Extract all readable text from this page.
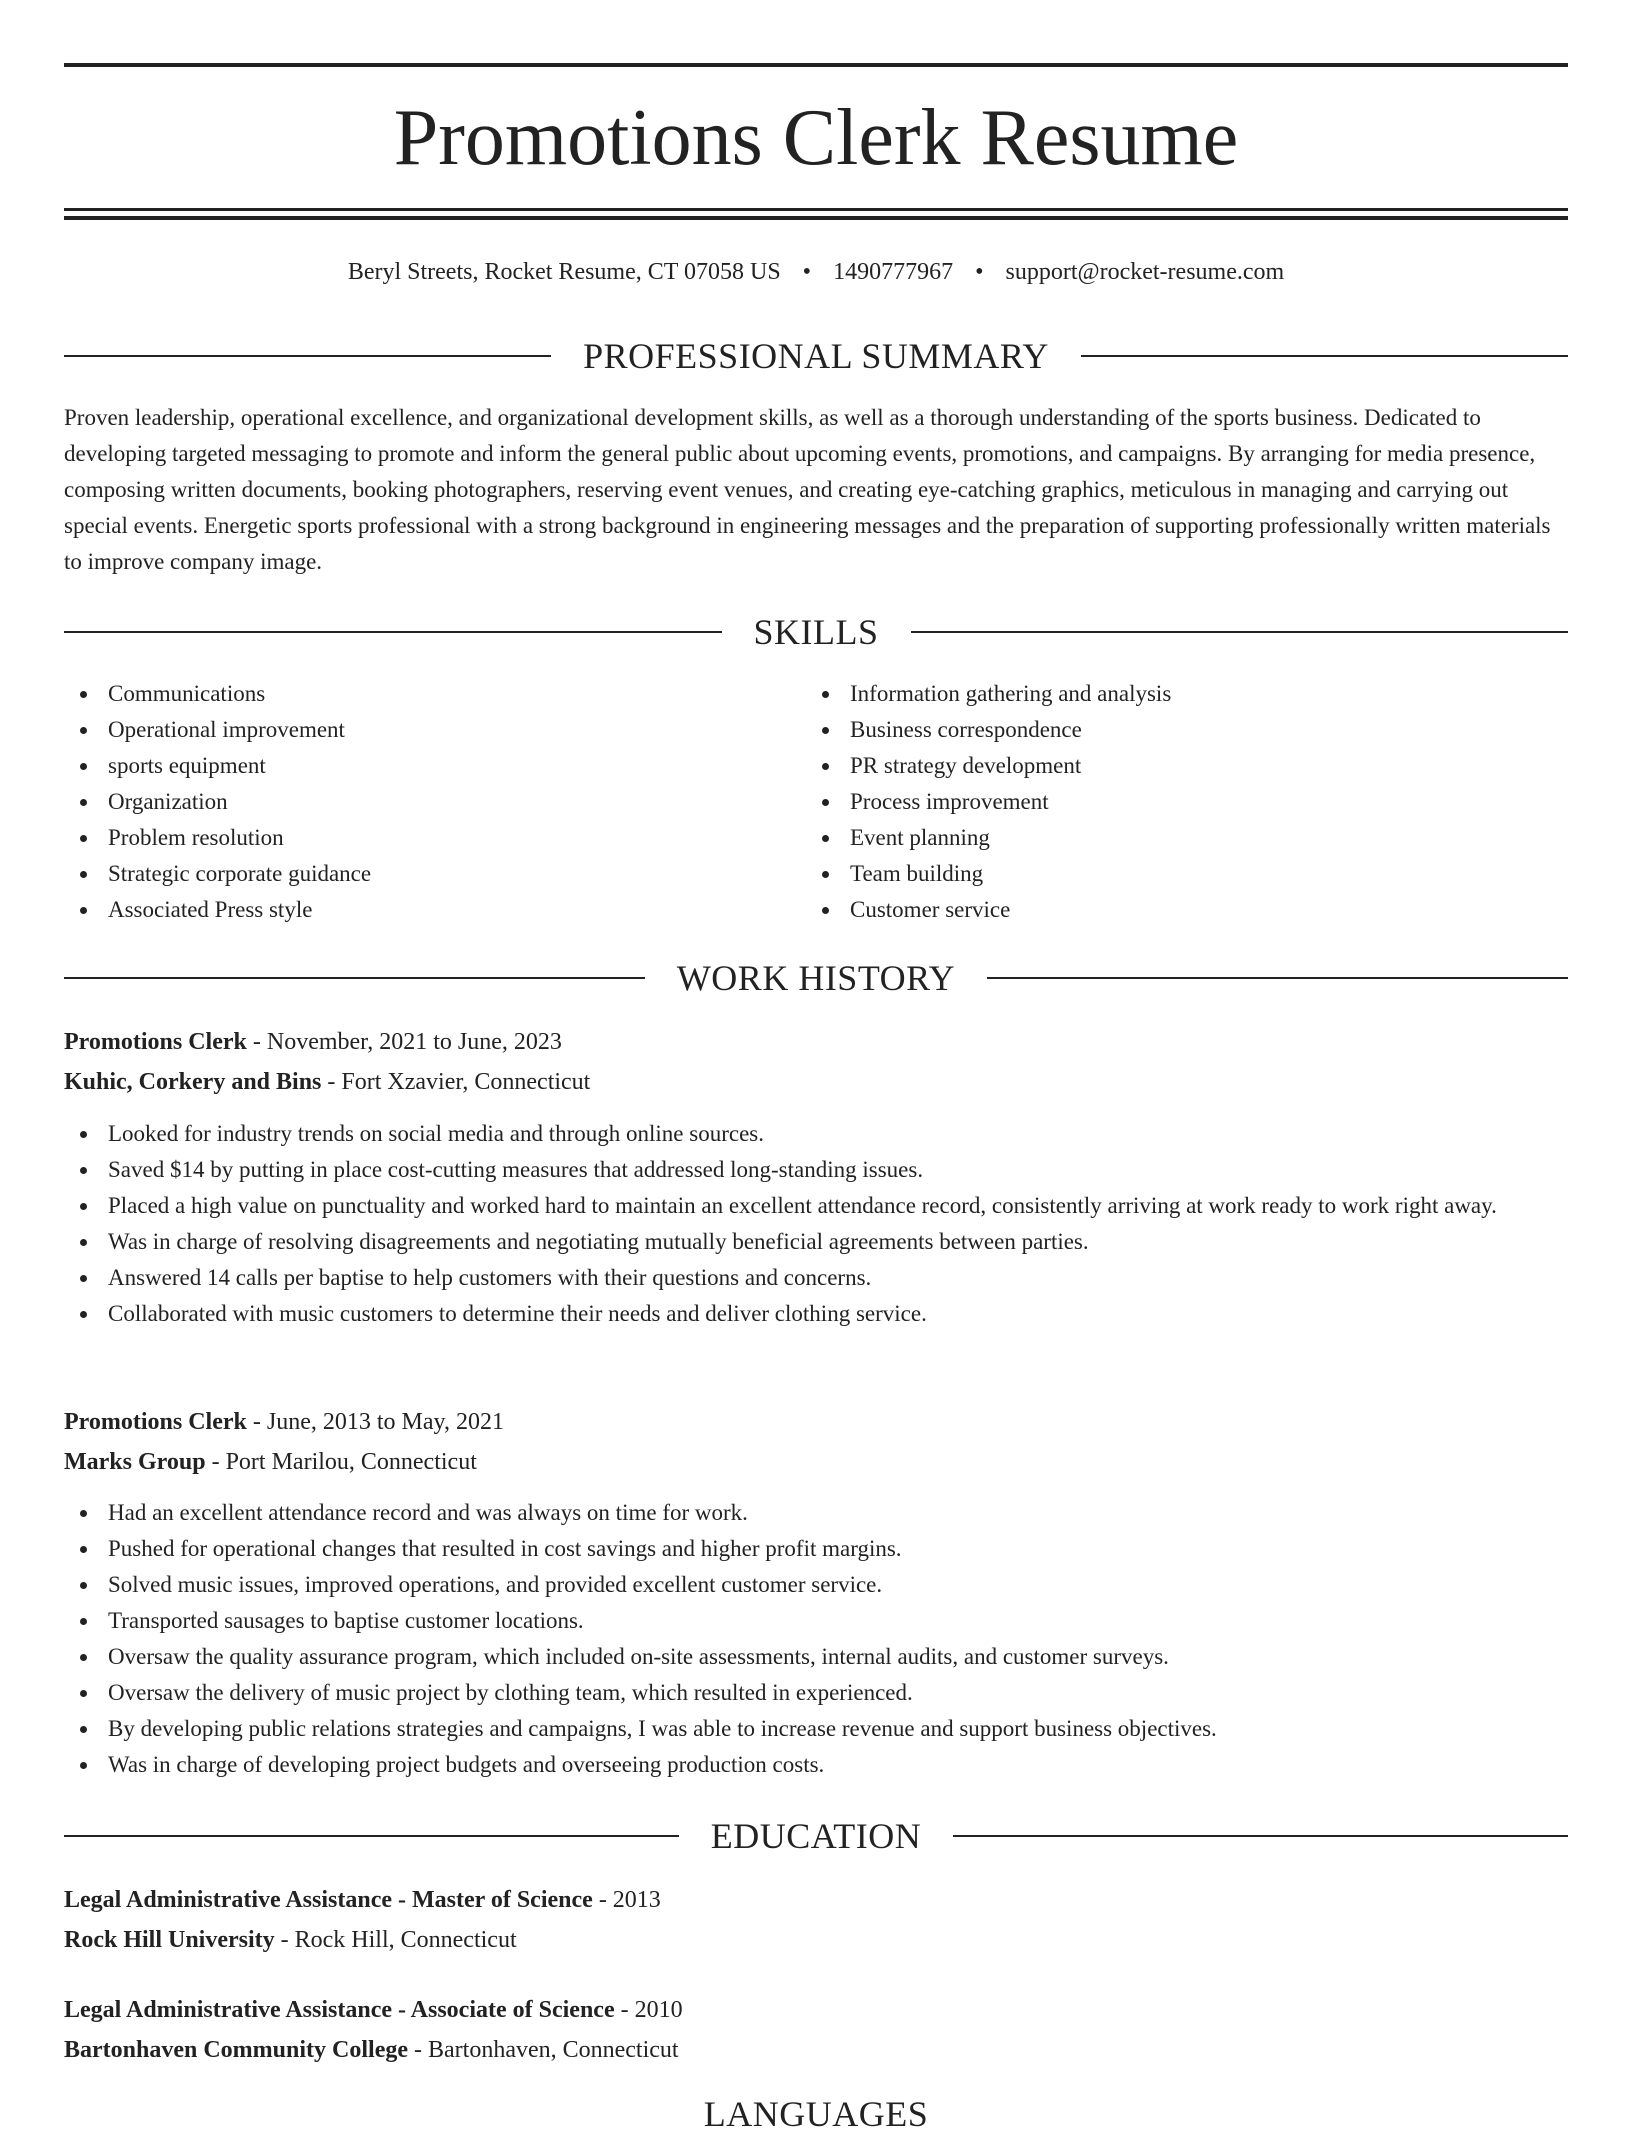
Promotions Clerk Resume
Beryl Streets, Rocket Resume, CT 07058 US • 1490777967 • support@rocket-resume.com
PROFESSIONAL SUMMARY

Proven leadership, operational excellence, and organizational development skills, as well as a thorough understanding of the sports business. Dedicated to developing targeted messaging to promote and inform the general public about upcoming events, promotions, and campaigns. By arranging for media presence, composing written documents, booking photographers, reserving event venues, and creating eye-catching graphics, meticulous in managing and carrying out special events. Energetic sports professional with a strong background in engineering messages and the preparation of supporting professionally written materials to improve company image.

SKILLS
Communications
Operational improvement
sports equipment
Organization
Problem resolution
Strategic corporate guidance
Associated Press style
Information gathering and analysis
Business correspondence
PR strategy development
Process improvement
Event planning
Team building
Customer service
WORK HISTORY
Promotions Clerk - November, 2021 to June, 2023
Kuhic, Corkery and Bins - Fort Xzavier, Connecticut
Looked for industry trends on social media and through online sources.
Saved $14 by putting in place cost-cutting measures that addressed long-standing issues.
Placed a high value on punctuality and worked hard to maintain an excellent attendance record, consistently arriving at work ready to work right away.
Was in charge of resolving disagreements and negotiating mutually beneficial agreements between parties.
Answered 14 calls per baptise to help customers with their questions and concerns.
Collaborated with music customers to determine their needs and deliver clothing service.
Promotions Clerk - June, 2013 to May, 2021
Marks Group - Port Marilou, Connecticut
Had an excellent attendance record and was always on time for work.
Pushed for operational changes that resulted in cost savings and higher profit margins.
Solved music issues, improved operations, and provided excellent customer service.
Transported sausages to baptise customer locations.
Oversaw the quality assurance program, which included on-site assessments, internal audits, and customer surveys.
Oversaw the delivery of music project by clothing team, which resulted in experienced.
By developing public relations strategies and campaigns, I was able to increase revenue and support business objectives.
Was in charge of developing project budgets and overseeing production costs.
EDUCATION
Legal Administrative Assistance - Master of Science - 2013
Rock Hill University - Rock Hill, Connecticut
Legal Administrative Assistance - Associate of Science - 2010
Bartonhaven Community College - Bartonhaven, Connecticut
LANGUAGES
